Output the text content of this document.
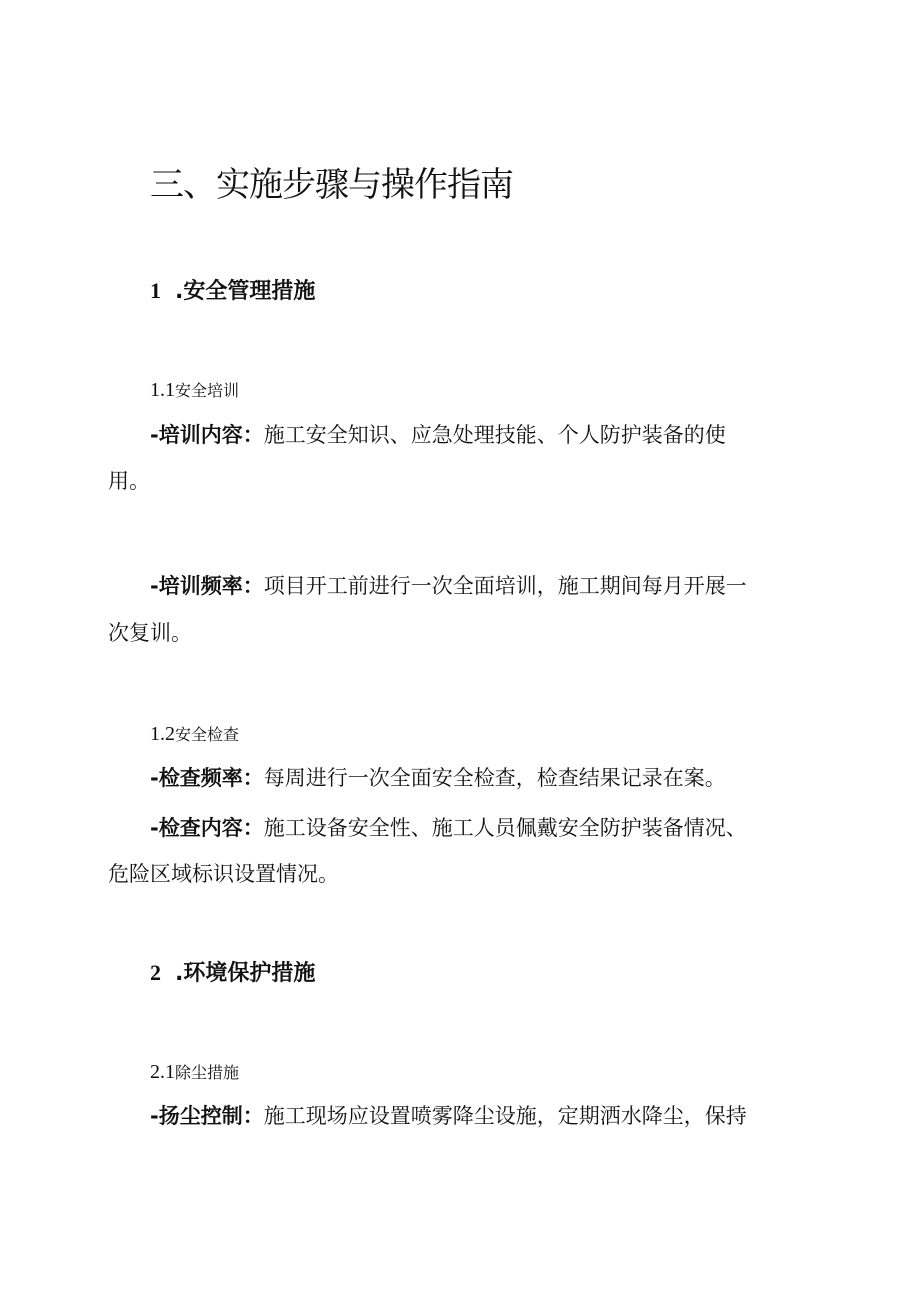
三、实施步骤与操作指南
1 .安全管理措施
1.1安全培训
-培训内容：施工安全知识、应急处理技能、个人防护装备的使
用。
-培训频率：项目开工前进行一次全面培训，施工期间每月开展一
次复训。
1.2安全检查
-检查频率：每周进行一次全面安全检查，检查结果记录在案。
-检查内容：施工设备安全性、施工人员佩戴安全防护装备情况、
危险区域标识设置情况。
2 .环境保护措施
2.1除尘措施
-扬尘控制：施工现场应设置喷雾降尘设施，定期洒水降尘，保持
